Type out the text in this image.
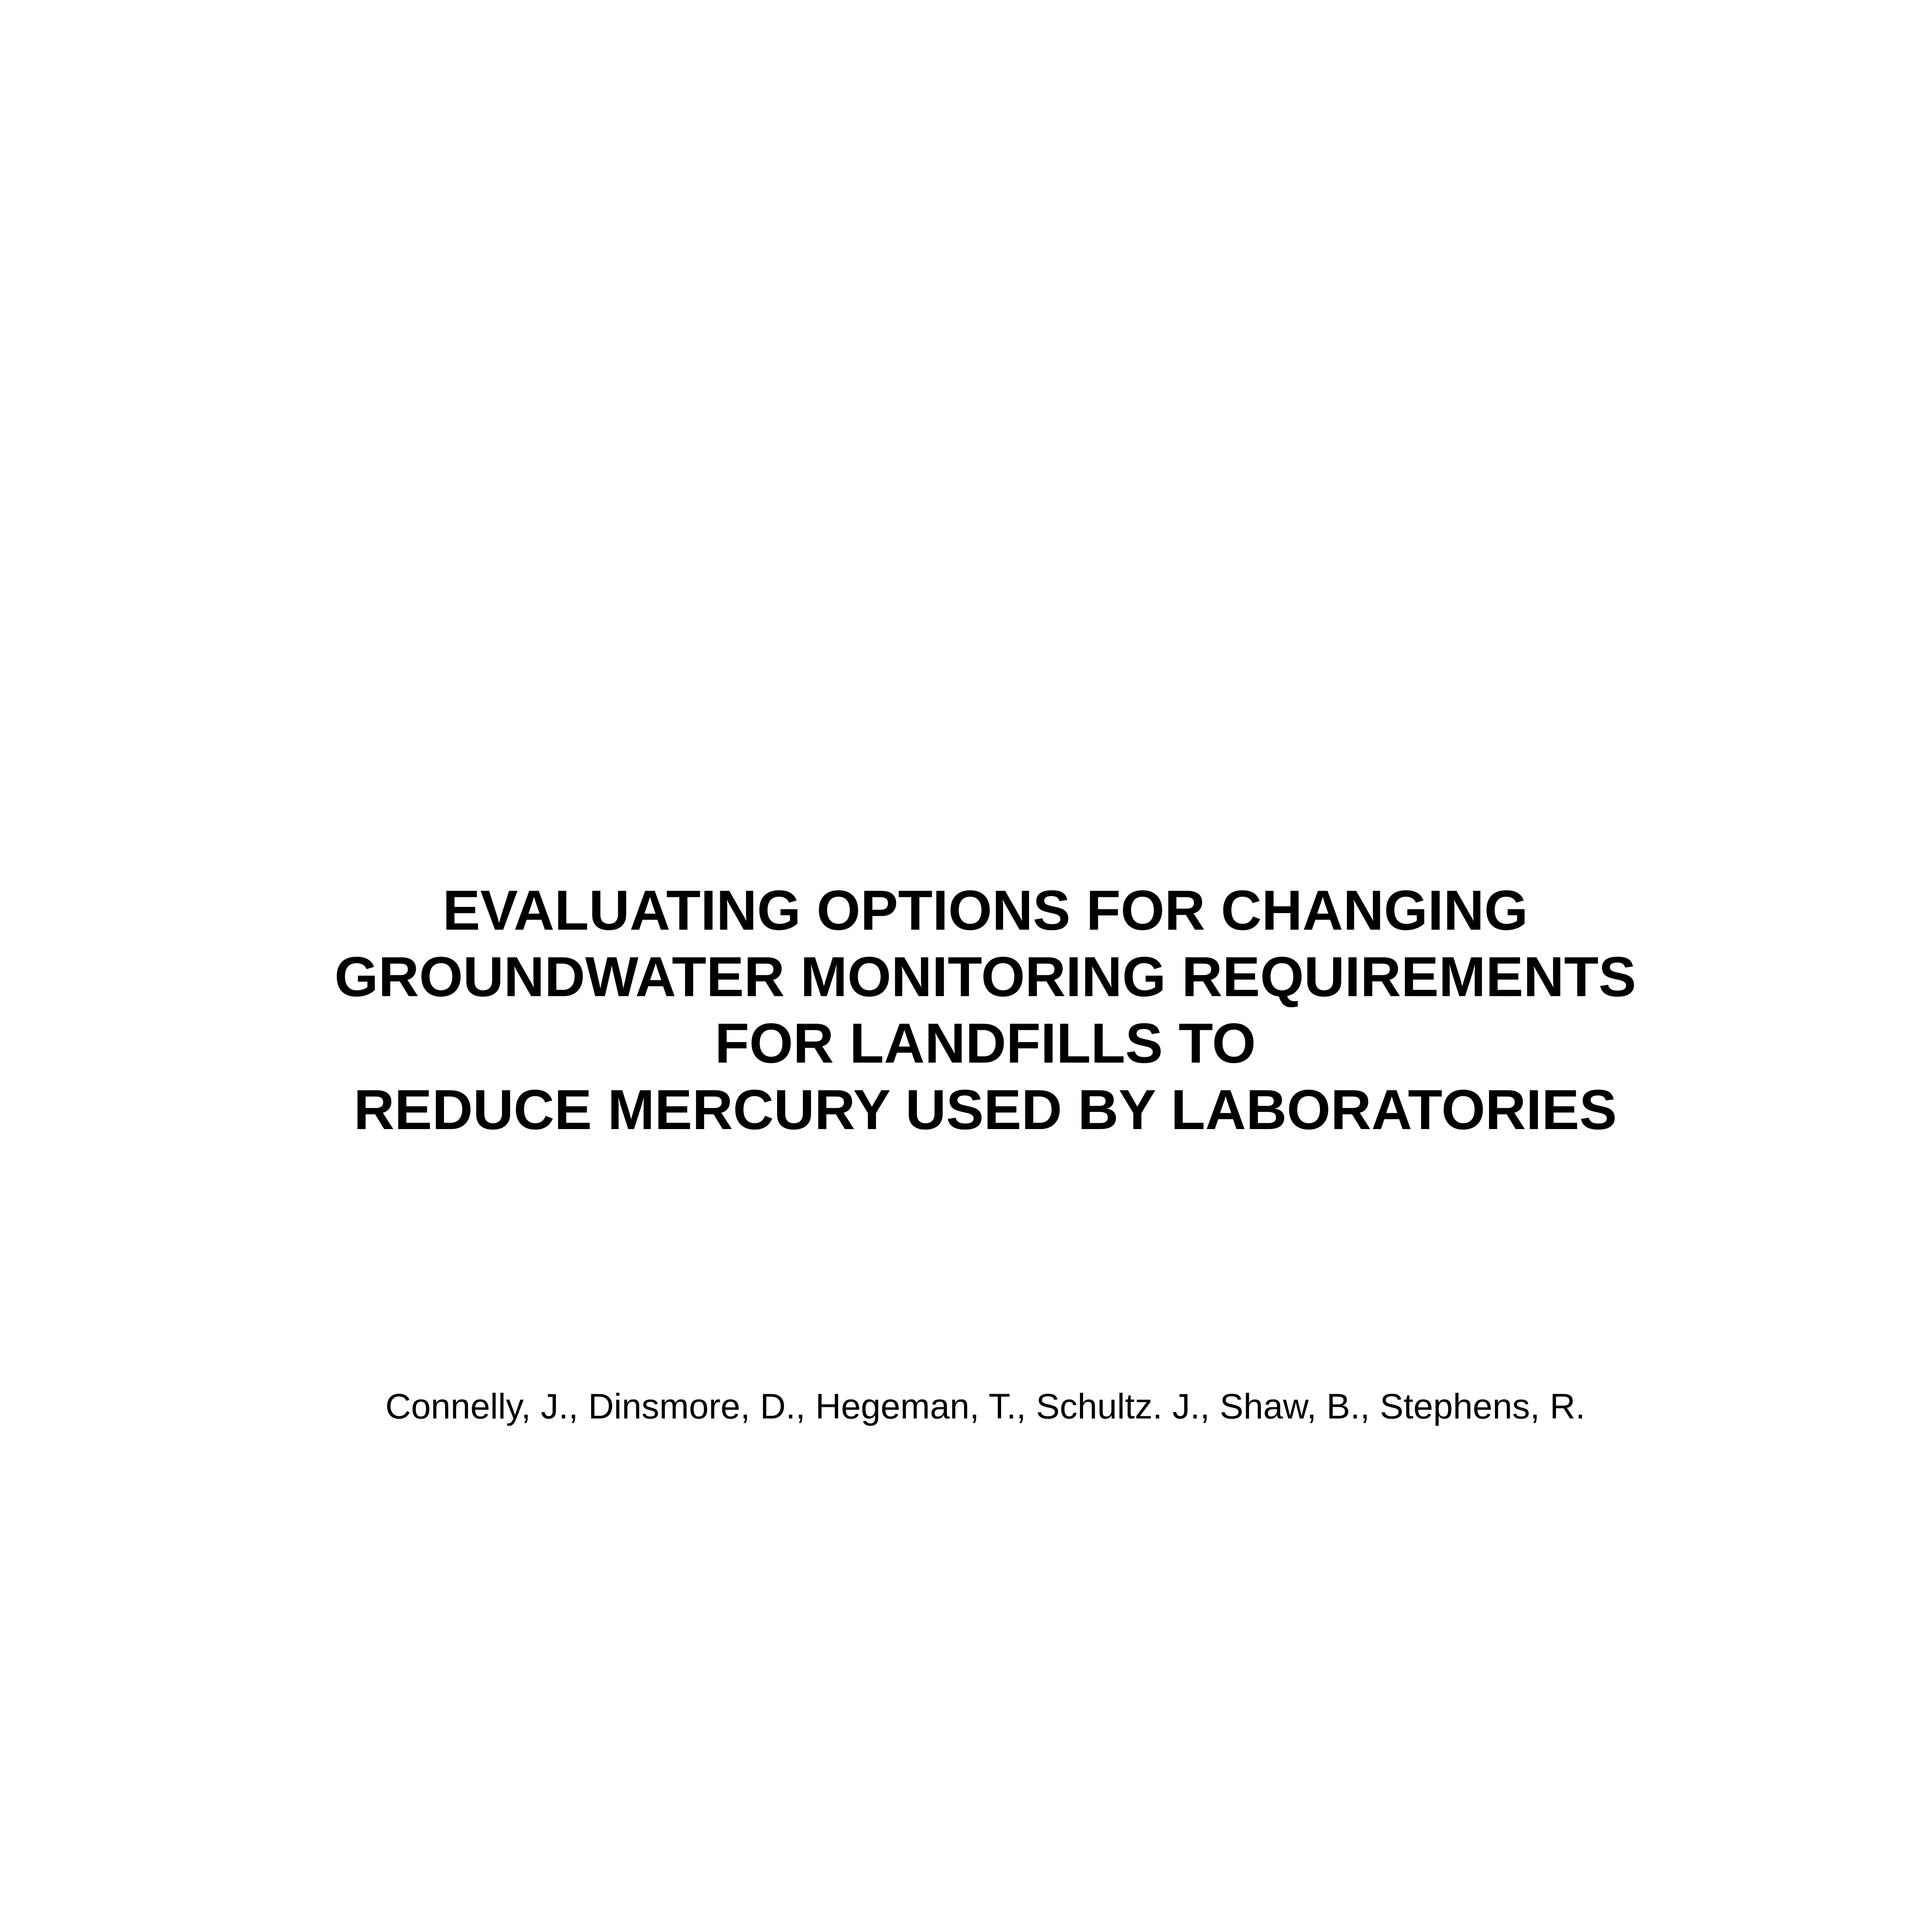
EVALUATING OPTIONS FOR CHANGING
GROUNDWATER MONITORING REQUIREMENTS
FOR LANDFILLS TO
REDUCE MERCURY USED BY LABORATORIES
Connelly, J., Dinsmore, D., Hegeman, T., Schultz. J., Shaw, B., Stephens, R.
